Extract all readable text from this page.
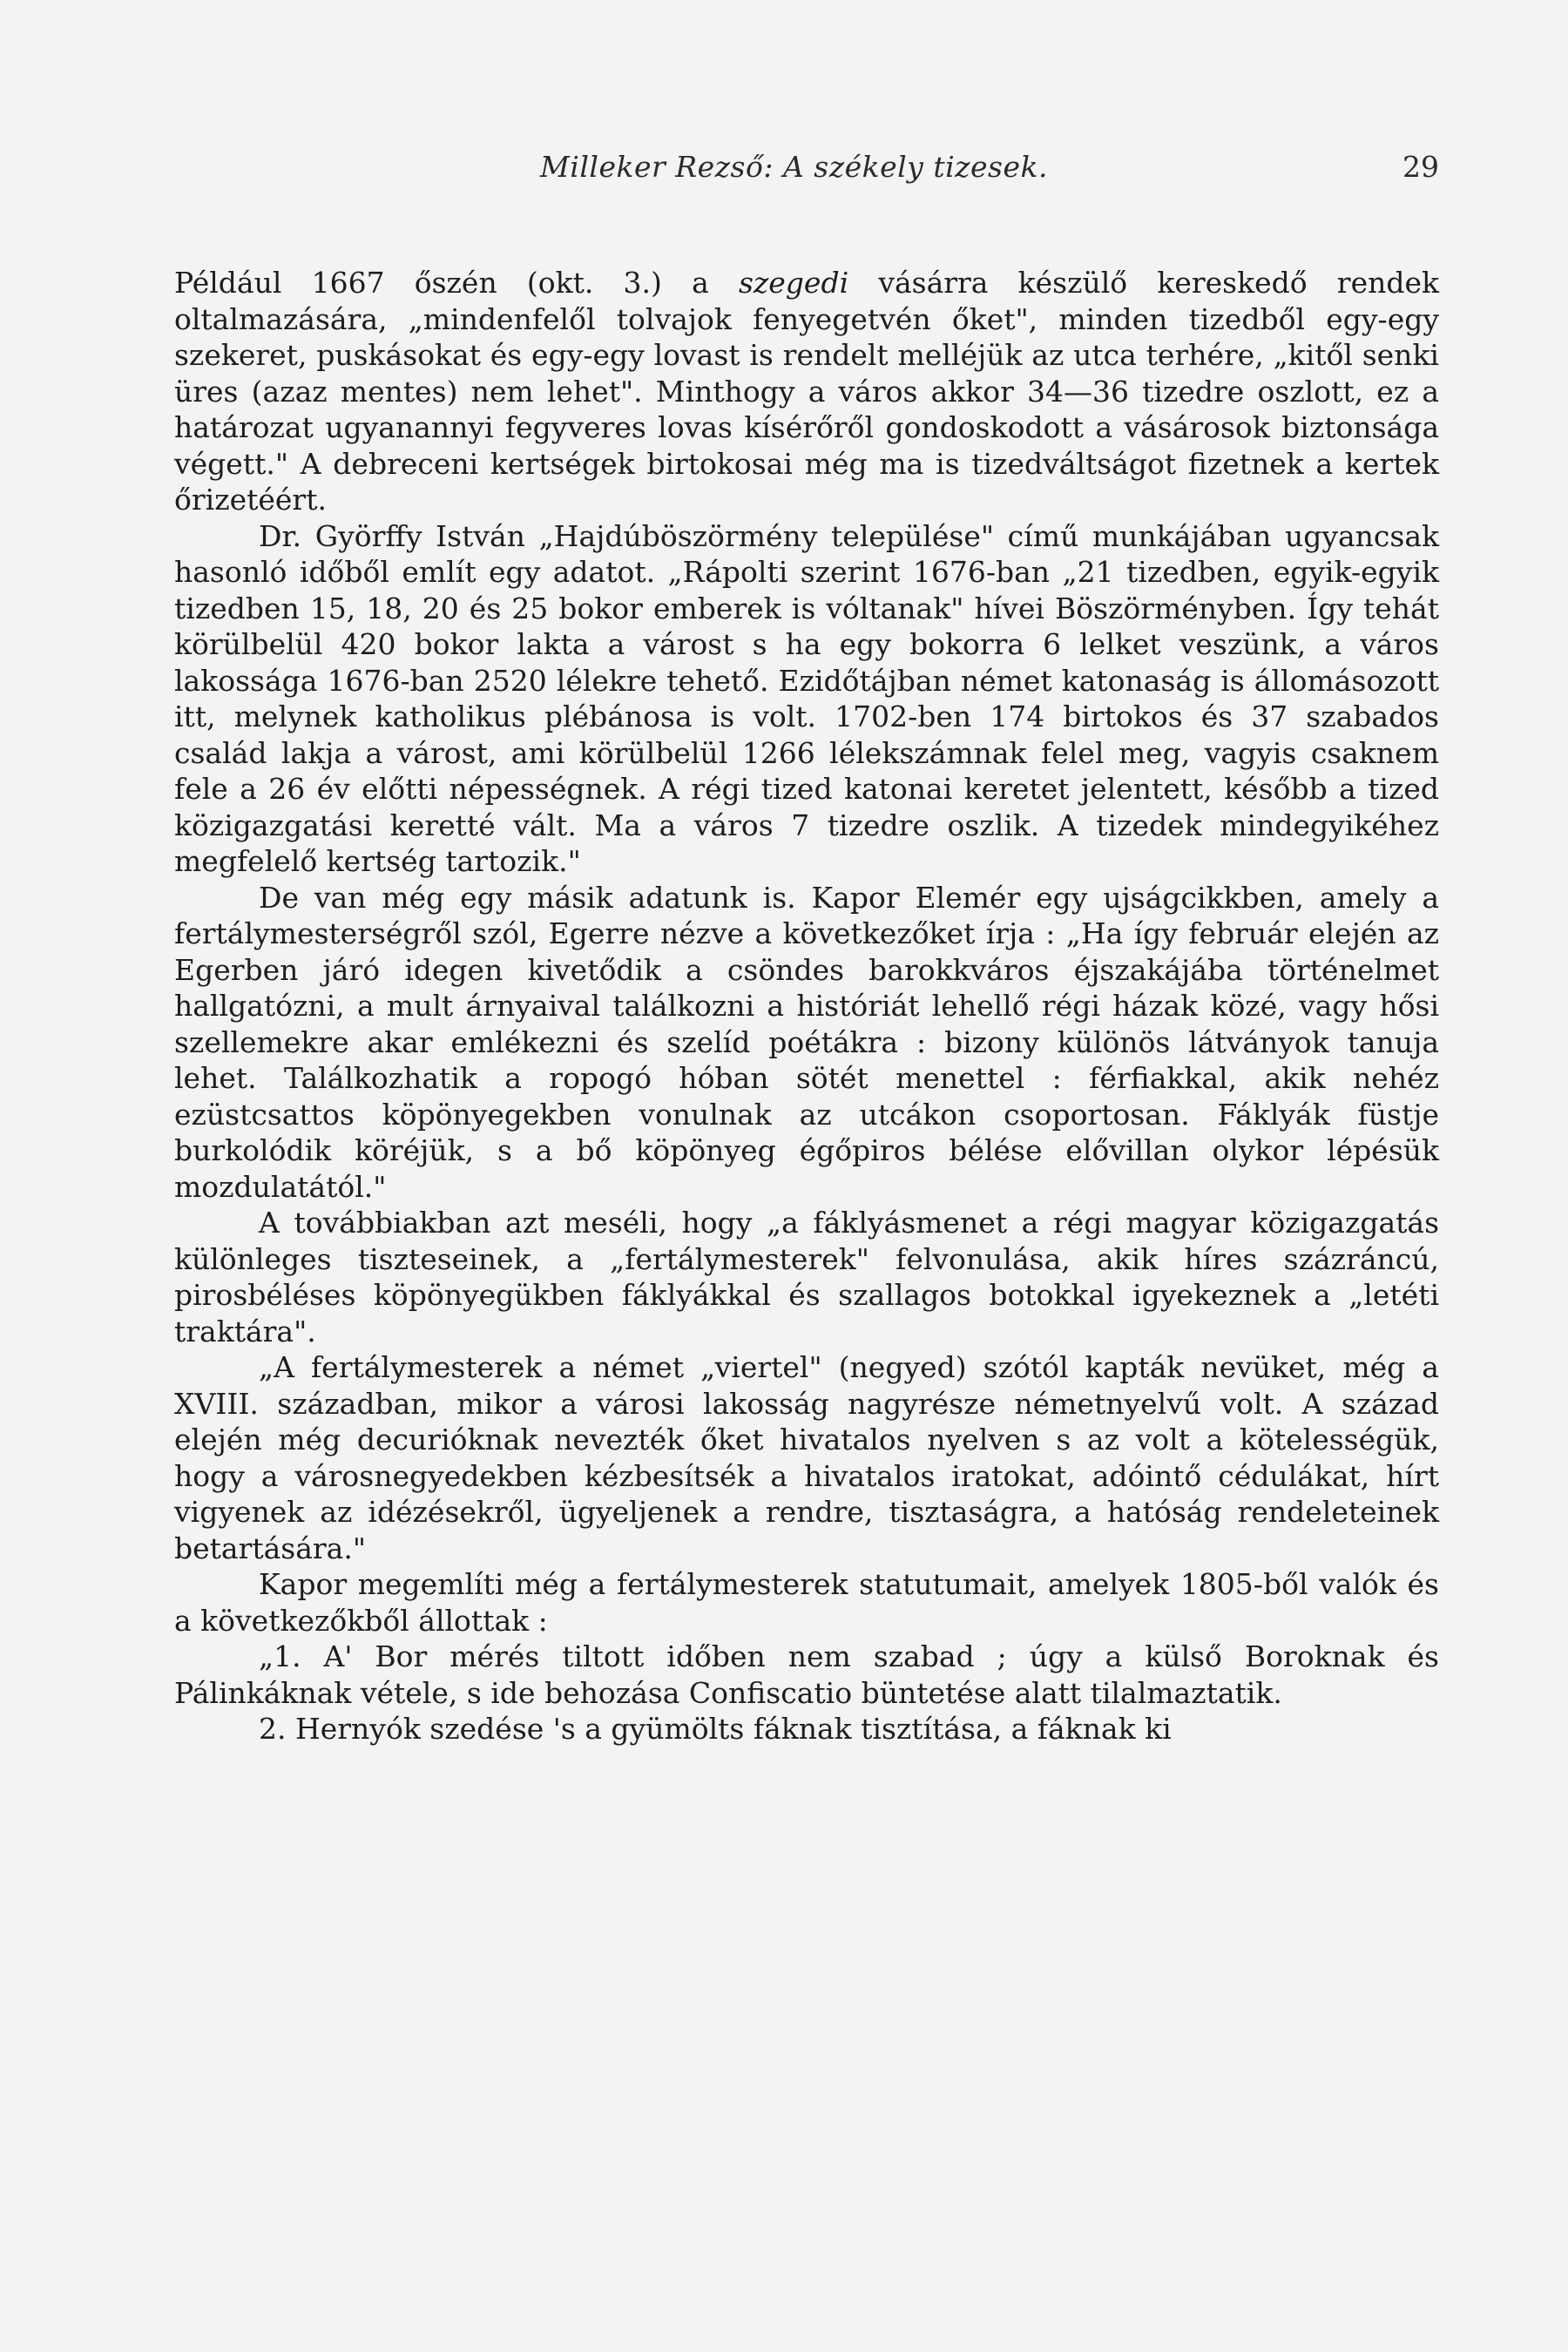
Milleker Rezső: A székely tizesek.	29

Például 1667 őszén (okt. 3.) a szegedi vásárra készülő kereskedő rendek oltalmazására, „mindenfelől tolvajok fenyegetvén őket", minden tizedből egy-egy szekeret, puskásokat és egy-egy lovast is rendelt melléjük az utca terhére, „kitől senki üres (azaz mentes) nem lehet". Minthogy a város akkor 34—36 tizedre oszlott, ez a határozat ugyanannyi fegyveres lovas kísérőről gondoskodott a vásárosok biztonsága végett." A debreceni kertségek birtokosai még ma is tizedváltságot fizetnek a kertek őrizetéért.

Dr. Györffy István „Hajdúböszörmény települése" című munkájában ugyancsak hasonló időből említ egy adatot. „Rápolti szerint 1676-ban „21 tizedben, egyik-egyik tizedben 15, 18, 20 és 25 bokor emberek is vóltanak" hívei Böszörményben. Így tehát körülbelül 420 bokor lakta a várost s ha egy bokorra 6 lelket veszünk, a város lakossága 1676-ban 2520 lélekre tehető. Ezidőtájban német katonaság is állomásozott itt, melynek katholikus plébánosa is volt. 1702-ben 174 birtokos és 37 szabados család lakja a várost, ami körülbelül 1266 lélekszámnak felel meg, vagyis csaknem fele a 26 év előtti népességnek. A régi tized katonai keretet jelentett, később a tized közigazgatási keretté vált. Ma a város 7 tizedre oszlik. A tizedek mindegyikéhez megfelelő kertség tartozik."

De van még egy másik adatunk is. Kapor Elemér egy ujságcikkben, amely a fertálymesterségről szól, Egerre nézve a következőket írja : „Ha így február elején az Egerben járó idegen kivetődik a csöndes barokkváros éjszakájába történelmet hallgatózni, a mult árnyaival találkozni a históriát lehellő régi házak közé, vagy hősi szellemekre akar emlékezni és szelíd poétákra : bizony különös látványok tanuja lehet. Találkozhatik a ropogó hóban sötét menettel : férfiakkal, akik nehéz ezüstcsattos köpönyegekben vonulnak az utcákon csoportosan. Fáklyák füstje burkolódik köréjük, s a bő köpönyeg égőpiros bélése elővillan olykor lépésük mozdulatától."

A továbbiakban azt meséli, hogy „a fáklyásmenet a régi magyar közigazgatás különleges tiszteseinek, a „fertálymesterek" felvonulása, akik híres százráncú, pirosbéléses köpönyegükben fáklyákkal és szallagos botokkal igyekeznek a „letéti traktára".

„A fertálymesterek a német „viertel" (negyed) szótól kapták nevüket, még a XVIII. században, mikor a városi lakosság nagyrésze németnyelvű volt. A század elején még decurióknak nevezték őket hivatalos nyelven s az volt a kötelességük, hogy a városnegyedekben kézbesítsék a hivatalos iratokat, adóintő cédulákat, hírt vigyenek az idézésekről, ügyeljenek a rendre, tisztaságra, a hatóság rendeleteinek betartására."

Kapor megemlíti még a fertálymesterek statutumait, amelyek 1805-ből valók és a következőkből állottak :

„1. A' Bor mérés tiltott időben nem szabad ; úgy a külső Boroknak és Pálinkáknak vétele, s ide behozása Confiscatio büntetése alatt tilalmaztatik.

2. Hernyók szedése 's a gyümölts fáknak tisztítása, a fáknak ki
